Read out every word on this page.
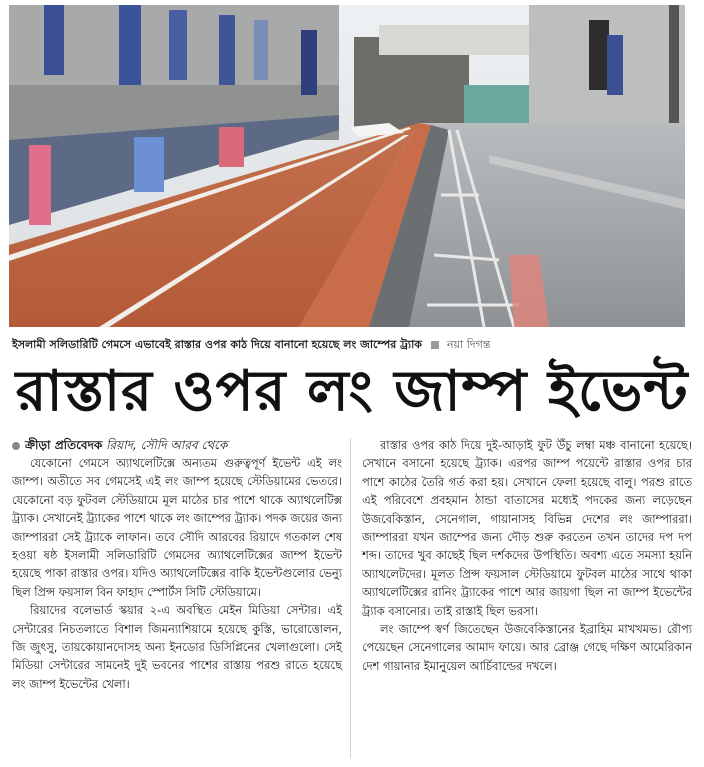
ইসলামী সলিডারিটি গেমসে এভাবেই রাস্তার ওপর কাঠ দিয়ে বানানো হয়েছে লং জাম্পের ট্র্যাক নয়া দিগন্ত
রাস্তার ওপর লং জাম্প ইভেন্ট
ক্রীড়া প্রতিবেদক রিয়াদ, সৌদি আরব থেকে

যেকোনো গেমসে অ্যাথলেটিক্সে অন্যতম গুরুত্বপূর্ণ ইভেন্ট এই লং জাম্প। অতীতে সব গেমসেই এই লং জাম্প হয়েছে স্টেডিয়ামের ভেতরে। যেকোনো বড় ফুটবল স্টেডিয়ামে মূল মাঠের চার পাশে থাকে অ্যাথলেটিক্স ট্র্যাক। সেখানেই ট্র্যাকের পাশে থাকে লং জাম্পের ট্র্যাক। পদক জয়ের জন্য জাম্পাররা সেই ট্র্যাকে লাফান। তবে সৌদি আরবের রিয়াদে গতকাল শেষ হওয়া ষষ্ঠ ইসলামী সলিডারিটি গেমসের অ্যাথলেটিক্সের জাম্প ইভেন্ট হয়েছে পাকা রাস্তার ওপর। যদিও অ্যাথলেটিক্সের বাকি ইভেন্টগুলোর ভেন্যু ছিল প্রিন্স ফয়সাল বিন ফাহাদ স্পোর্টস সিটি স্টেডিয়ামে।

রিয়াদের বলেভার্ড স্কয়ার ২-এ অবস্থিত মেইন মিডিয়া সেন্টার। এই সেন্টারের নিচতলাতে বিশাল জিমন্যাশিয়ামে হয়েছে কুস্তি, ভারোত্তোলন, জি জুৎসু, তায়কোয়ানদোসহ অন্য ইনডোর ডিসিপ্লিনের খেলাগুলো। সেই মিডিয়া সেন্টারের সামনেই দুই ভবনের পাশের রাস্তায় পরশু রাতে হয়েছে লং জাম্প ইভেন্টের খেলা।

রাস্তার ওপর কাঠ দিয়ে দুই-আড়াই ফুট উঁচু লম্বা মঞ্চ বানানো হয়েছে। সেখানে বসানো হয়েছে ট্র্যাক। এরপর জাম্প পয়েন্টে রাস্তার ওপর চার পাশে কাঠের তৈরি গর্ত করা হয়। সেখানে ফেলা হয়েছে বালু। পরশু রাতে এই পরিবেশে প্রবহমান ঠান্ডা বাতাসের মধ্যেই পদকের জন্য লড়েছেন উজবেকিস্তান, সেনেগাল, গায়ানাসহ বিভিন্ন দেশের লং জাম্পাররা। জাম্পাররা যখন জাম্পের জন্য দৌড় শুরু করতেন তখন তাদের দপ দপ শব্দ। তাদের খুব কাছেই ছিল দর্শকদের উপস্থিতি। অবশ্য এতে সমস্যা হয়নি অ্যাথলেটদের। মূলত প্রিন্স ফয়সাল স্টেডিয়ামে ফুটবল মাঠের সাথে থাকা অ্যাথলেটিক্সের রানিং ট্র্যাকের পাশে আর জায়গা ছিল না জাম্প ইভেন্টের ট্র্যাক বসানোর। তাই রাস্তাই ছিল ভরসা।

লং জাম্পে স্বর্ণ জিতেছেন উজবেকিস্তানের ইব্রাহিম মাখখমভ। রৌপ্য পেয়েছেন সেনেগালের আমাদ ফায়ে। আর ব্রোঞ্জ গেছে দক্ষিণ আমেরিকান দেশ গায়ানার ইমানুয়েল আর্চিবাল্ডের দখলে।
